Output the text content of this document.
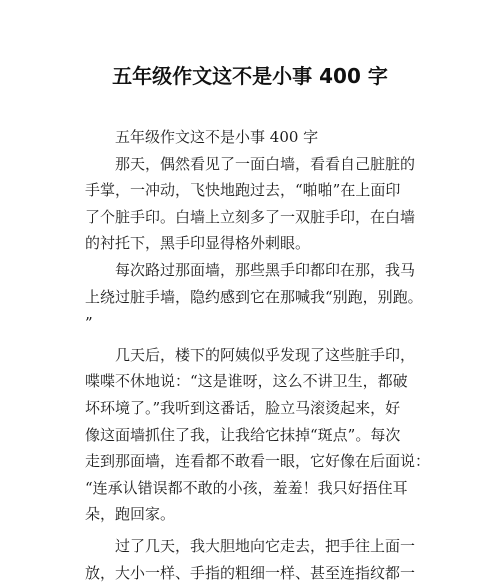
五年级作文这不是小事 400 字
　　五年级作文这不是小事 400 字
　　那天，偶然看见了一面白墙，看看自己脏脏的
手掌，一冲动，飞快地跑过去，“啪啪”在上面印
了个脏手印。白墙上立刻多了一双脏手印，在白墙
的衬托下，黑手印显得格外刺眼。
　　每次路过那面墙，那些黑手印都印在那，我马
上绕过脏手墙，隐约感到它在那喊我“别跑，别跑。
”
　　几天后，楼下的阿姨似乎发现了这些脏手印，
喋喋不休地说：“这是谁呀，这么不讲卫生，都破
坏环境了。”我听到这番话，脸立马滚烫起来，好
像这面墙抓住了我，让我给它抹掉“斑点”。每次
走到那面墙，连看都不敢看一眼，它好像在后面说：
“连承认错误都不敢的小孩，羞羞！我只好捂住耳
朵，跑回家。
　　过了几天，我大胆地向它走去，把手往上面一
放，大小一样、手指的粗细一样、甚至连指纹都一
